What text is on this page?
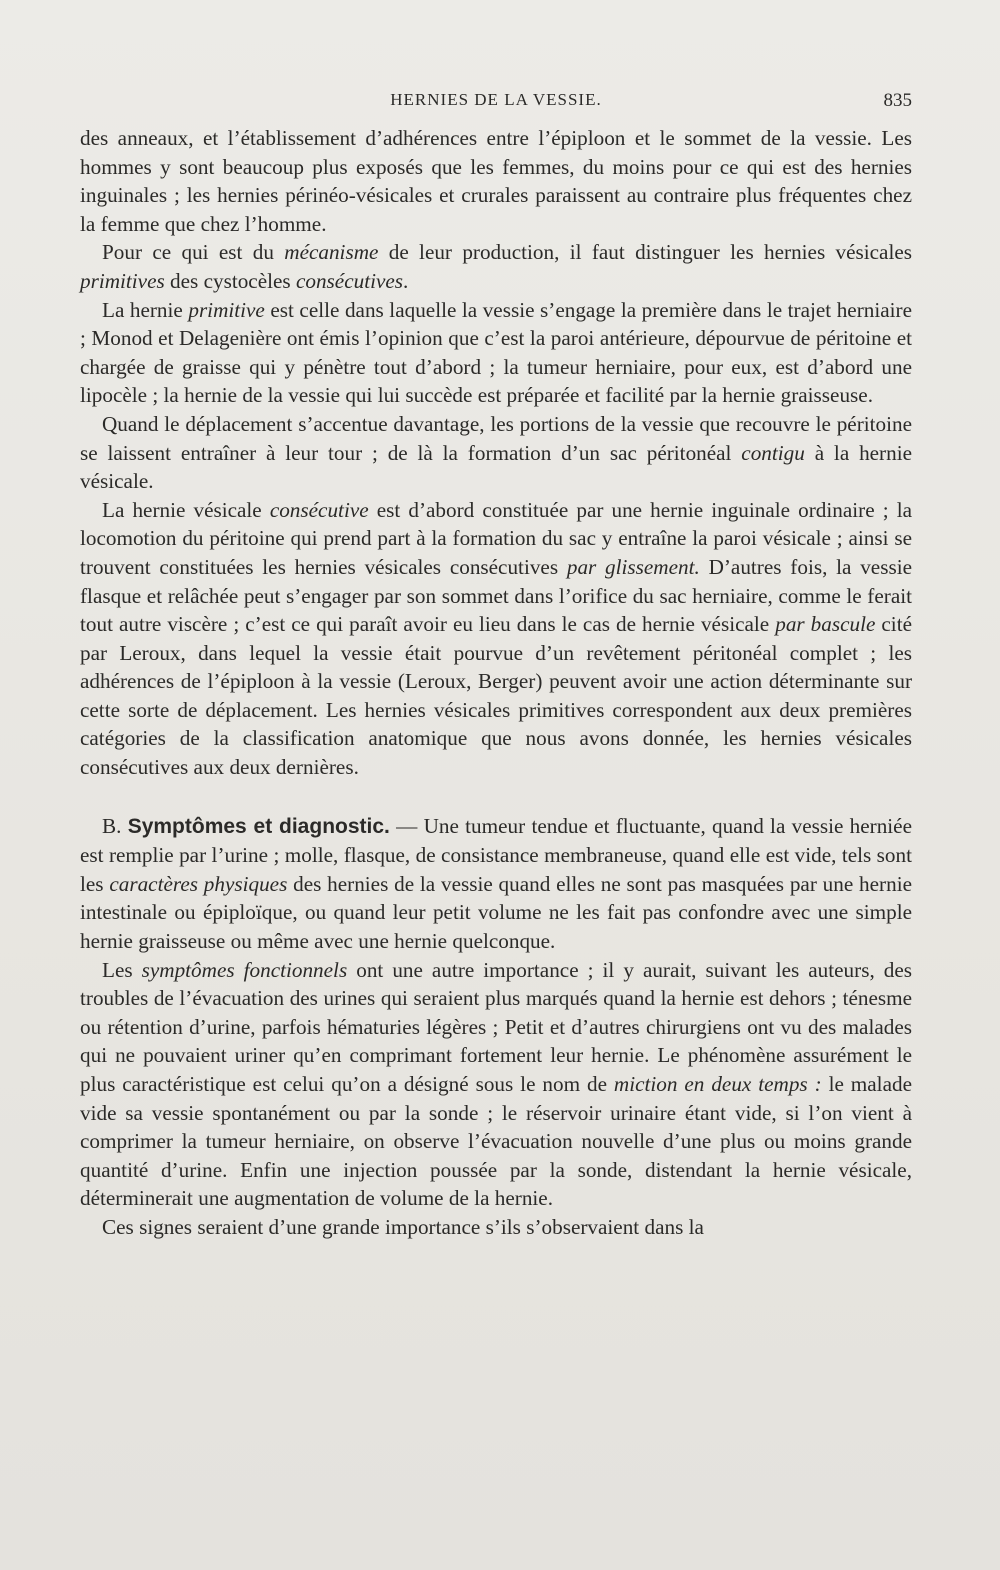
HERNIES DE LA VESSIE.	835

des anneaux, et l’établissement d’adhérences entre l’épiploon et le sommet de la vessie. Les hommes y sont beaucoup plus exposés que les femmes, du moins pour ce qui est des hernies inguinales ; les hernies périnéo-vésicales et crurales paraissent au contraire plus fréquentes chez la femme que chez l’homme.

Pour ce qui est du mécanisme de leur production, il faut distinguer les hernies vésicales primitives des cystocèles consécutives.

La hernie primitive est celle dans laquelle la vessie s’engage la première dans le trajet herniaire ; Monod et Delagenière ont émis l’opinion que c’est la paroi antérieure, dépourvue de péritoine et chargée de graisse qui y pénètre tout d’abord ; la tumeur herniaire, pour eux, est d’abord une lipocèle ; la hernie de la vessie qui lui succède est préparée et facilité par la hernie graisseuse.

Quand le déplacement s’accentue davantage, les portions de la vessie que recouvre le péritoine se laissent entraîner à leur tour ; de là la formation d’un sac péritonéal contigu à la hernie vésicale.

La hernie vésicale consécutive est d’abord constituée par une hernie inguinale ordinaire ; la locomotion du péritoine qui prend part à la formation du sac y entraîne la paroi vésicale ; ainsi se trouvent constituées les hernies vésicales consécutives par glissement. D’autres fois, la vessie flasque et relâchée peut s’engager par son sommet dans l’orifice du sac herniaire, comme le ferait tout autre viscère ; c’est ce qui paraît avoir eu lieu dans le cas de hernie vésicale par bascule cité par Leroux, dans lequel la vessie était pourvue d’un revêtement péritonéal complet ; les adhérences de l’épiploon à la vessie (Leroux, Berger) peuvent avoir une action déterminante sur cette sorte de déplacement. Les hernies vésicales primitives correspondent aux deux premières catégories de la classification anatomique que nous avons donnée, les hernies vésicales consécutives aux deux dernières.

B. Symptômes et diagnostic. — Une tumeur tendue et fluctuante, quand la vessie herniée est remplie par l’urine ; molle, flasque, de consistance membraneuse, quand elle est vide, tels sont les caractères physiques des hernies de la vessie quand elles ne sont pas masquées par une hernie intestinale ou épiploïque, ou quand leur petit volume ne les fait pas confondre avec une simple hernie graisseuse ou même avec une hernie quelconque.

Les symptômes fonctionnels ont une autre importance ; il y aurait, suivant les auteurs, des troubles de l’évacuation des urines qui seraient plus marqués quand la hernie est dehors ; ténesme ou rétention d’urine, parfois hématuries légères ; Petit et d’autres chirurgiens ont vu des malades qui ne pouvaient uriner qu’en comprimant fortement leur hernie. Le phénomène assurément le plus caractéristique est celui qu’on a désigné sous le nom de miction en deux temps : le malade vide sa vessie spontanément ou par la sonde ; le réservoir urinaire étant vide, si l’on vient à comprimer la tumeur herniaire, on observe l’évacuation nouvelle d’une plus ou moins grande quantité d’urine. Enfin une injection poussée par la sonde, distendant la hernie vésicale, déterminerait une augmentation de volume de la hernie.

Ces signes seraient d’une grande importance s’ils s’observaient dans la
